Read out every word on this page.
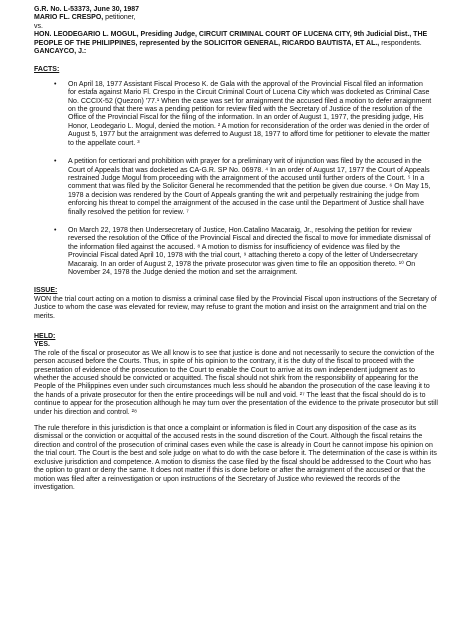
G.R. No. L-53373, June 30, 1987

MARIO FL. CRESPO, petitioner,

vs.

HON. LEODEGARIO L. MOGUL, Presiding Judge, CIRCUIT CRIMINAL COURT OF LUCENA CITY, 9th Judicial Dist., THE PEOPLE OF THE PHILIPPINES, represented by the SOLICITOR GENERAL, RICARDO BAUTISTA, ET AL., respondents.

GANCAYCO, J.:

FACTS:
• On April 18, 1977 Assistant Fiscal Proceso K. de Gala with the approval of the Provincial Fiscal filed an information for estafa against Mario Fl. Crespo in the Circuit Criminal Court of Lucena City which was docketed as Criminal Case No. CCCIX-52 (Quezon) '77.¹ When the case was set for arraignment the accused filed a motion to defer arraignment on the ground that there was a pending petition for review filed with the Secretary of Justice of the resolution of the Office of the Provincial Fiscal for the filing of the information. In an order of August 1, 1977, the presiding judge, His Honor, Leodegario L. Mogul, denied the motion. ² A motion for reconsideration of the order was denied in the order of August 5, 1977 but the arraignment was deferred to August 18, 1977 to afford time for petitioner to elevate the matter to the appellate court. ³
• A petition for certiorari and prohibition with prayer for a preliminary writ of injunction was filed by the accused in the Court of Appeals that was docketed as CA-G.R. SP No. 06978. ⁴ In an order of August 17, 1977 the Court of Appeals restrained Judge Mogul from proceeding with the arraignment of the accused until further orders of the Court. ⁵ In a comment that was filed by the Solicitor General he recommended that the petition be given due course. ⁶ On May 15, 1978 a decision was rendered by the Court of Appeals granting the writ and perpetually restraining the judge from enforcing his threat to compel the arraignment of the accused in the case until the Department of Justice shall have finally resolved the petition for review. ⁷
• On March 22, 1978 then Undersecretary of Justice, Hon.Catalino Macaraig, Jr., resolving the petition for review reversed the resolution of the Office of the Provincial Fiscal and directed the fiscal to move for immediate dismissal of the information filed against the accused. ⁸ A motion to dismiss for insufficiency of evidence was filed by the Provincial Fiscal dated April 10, 1978 with the trial court, ⁹ attaching thereto a copy of the letter of Undersecretary Macaraig. In an order of August 2, 1978 the private prosecutor was given time to file an opposition thereto. ¹⁰ On November 24, 1978 the Judge denied the motion and set the arraignment.
ISSUE:

WON the trial court acting on a motion to dismiss a criminal case filed by the Provincial Fiscal upon instructions of the Secretary of Justice to whom the case was elevated for review, may refuse to grant the motion and insist on the arraignment and trial on the merits.

HELD:

YES.

The role of the fiscal or prosecutor as We all know is to see that justice is done and not necessarily to secure the conviction of the person accused before the Courts. Thus, in spite of his opinion to the contrary, it is the duty of the fiscal to proceed with the presentation of evidence of the prosecution to the Court to enable the Court to arrive at its own independent judgment as to whether the accused should be convicted or acquitted. The fiscal should not shirk from the responsibility of appearing for the People of the Philippines even under such circumstances much less should he abandon the prosecution of the case leaving it to the hands of a private prosecutor for then the entire proceedings will be null and void. ²⁷ The least that the fiscal should do is to continue to appear for the prosecution although he may turn over the presentation of the evidence to the private prosecutor but still under his direction and control. ²⁸

The rule therefore in this jurisdiction is that once a complaint or information is filed in Court any disposition of the case as its dismissal or the conviction or acquittal of the accused rests in the sound discretion of the Court. Although the fiscal retains the direction and control of the prosecution of criminal cases even while the case is already in Court he cannot impose his opinion on the trial court. The Court is the best and sole judge on what to do with the case before it. The determination of the case is within its exclusive jurisdiction and competence. A motion to dismiss the case filed by the fiscal should be addressed to the Court who has the option to grant or deny the same. It does not matter if this is done before or after the arraignment of the accused or that the motion was filed after a reinvestigation or upon instructions of the Secretary of Justice who reviewed the records of the investigation.
